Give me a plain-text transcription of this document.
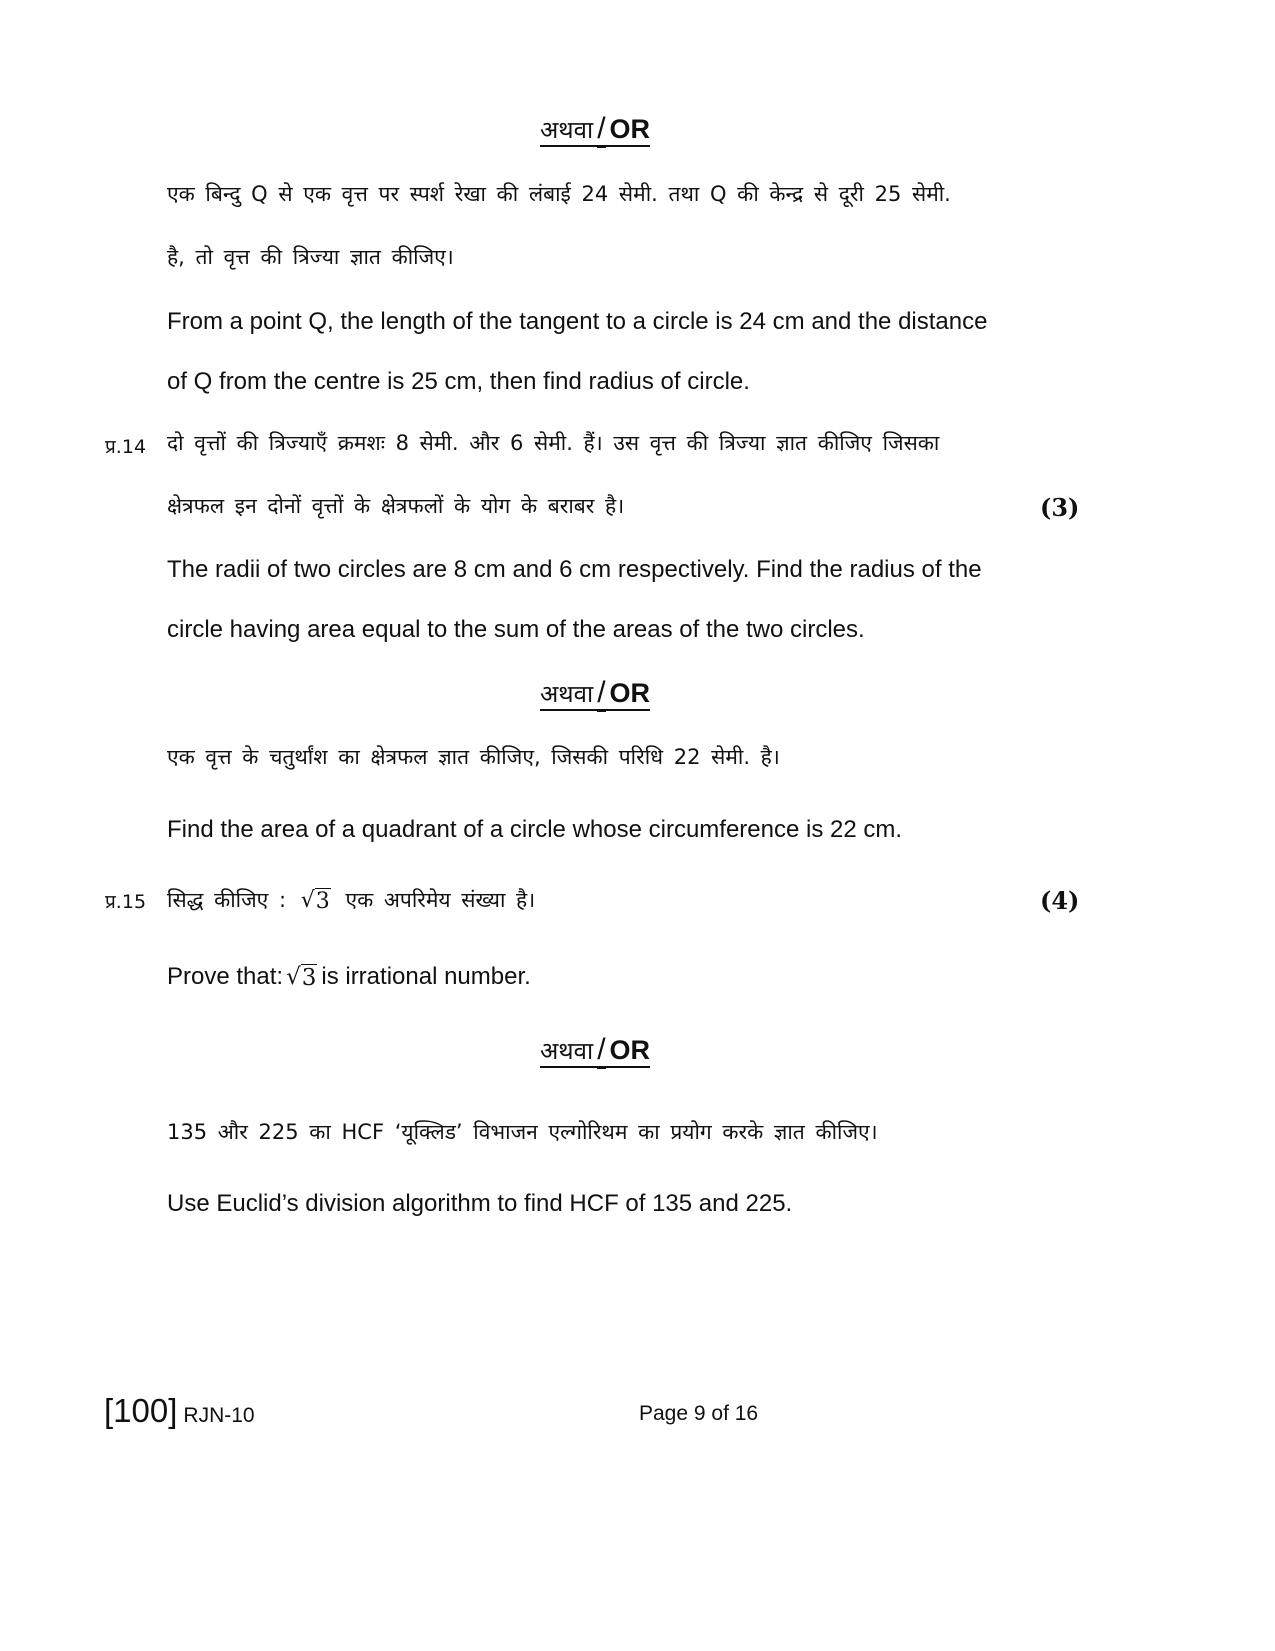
अथवा / OR
एक बिन्दु Q से एक वृत्त पर स्पर्श रेखा की लंबाई 24 सेमी. तथा Q की केन्द्र से दूरी 25 सेमी.
है, तो वृत्त की त्रिज्या ज्ञात कीजिए।
From a point Q, the length of the tangent to a circle is 24 cm and the distance
of Q from the centre is 25 cm, then find radius of circle.
प्र.14 दो वृत्तों की त्रिज्याएँ क्रमशः 8 सेमी. और 6 सेमी. हैं। उस वृत्त की त्रिज्या ज्ञात कीजिए जिसका
क्षेत्रफल इन दोनों वृत्तों के क्षेत्रफलों के योग के बराबर है।	(3)
The radii of two circles are 8 cm and 6 cm respectively. Find the radius of the
circle having area equal to the sum of the areas of the two circles.
अथवा / OR
एक वृत्त के चतुर्थांश का क्षेत्रफल ज्ञात कीजिए, जिसकी परिधि 22 सेमी. है।
Find the area of a quadrant of a circle whose circumference is 22 cm.
प्र.15 सिद्ध कीजिए : √ 3 एक अपरिमेय संख्या है।	(4)
Prove that: √ 3 is irrational number.
अथवा / OR
135 और 225 का HCF ‘यूक्लिड’ विभाजन एल्गोरिथम का प्रयोग करके ज्ञात कीजिए।
Use Euclid’s division algorithm to find HCF of 135 and 225.
[100] RJN-10	Page 9 of 16
